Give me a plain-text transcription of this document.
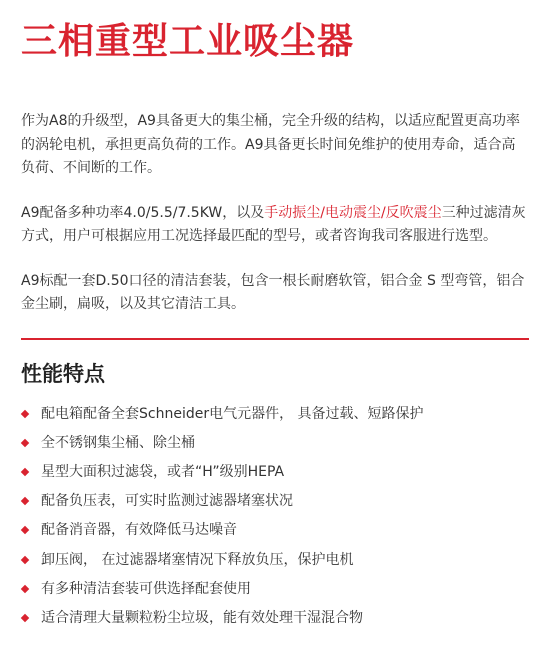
三相重型工业吸尘器

作为A8的升级型，A9具备更大的集尘桶，完全升级的结构，以适应配置更高功率的涡轮电机，承担更高负荷的工作。A9具备更长时间免维护的使用寿命，适合高负荷、不间断的工作。

A9配备多种功率4.0/5.5/7.5KW，以及手动振尘/电动震尘/反吹震尘三种过滤清灰方式，用户可根据应用工况选择最匹配的型号，或者咨询我司客服进行选型。

A9标配一套D.50口径的清洁套装，包含一根长耐磨软管，铝合金 S 型弯管，铝合金尘刷，扁吸，以及其它清洁工具。

性能特点
配电箱配备全套Schneider电气元器件， 具备过载、短路保护
全不锈钢集尘桶、除尘桶
星型大面积过滤袋，或者“H”级别HEPA
配备负压表，可实时监测过滤器堵塞状况
配备消音器，有效降低马达噪音
卸压阀， 在过滤器堵塞情况下释放负压，保护电机
有多种清洁套装可供选择配套使用
适合清理大量颗粒粉尘垃圾，能有效处理干湿混合物
